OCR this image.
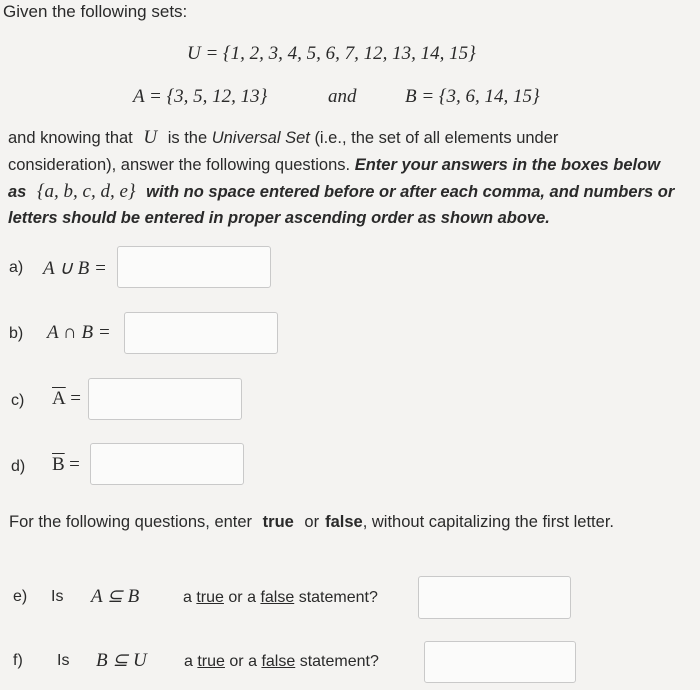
Given the following sets:
U = {1, 2, 3, 4, 5, 6, 7, 12, 13, 14, 15}
A = {3, 5, 12, 13}	and	B = {3, 6, 14, 15}
and knowing that U is the Universal Set (i.e., the set of all elements under
consideration), answer the following questions. Enter your answers in the boxes below
as {a, b, c, d, e} with no space entered before or after each comma, and numbers or
letters should be entered in proper ascending order as shown above.
a) A ∪ B =
b) A ∩ B =
c) $\overline{A}$ =
d) $\overline{B}$ =
For the following questions, enter true or false, without capitalizing the first letter.
e) Is A ⊆ B	a true or a false statement?
f) Is B ⊆ U a true or a false statement?
